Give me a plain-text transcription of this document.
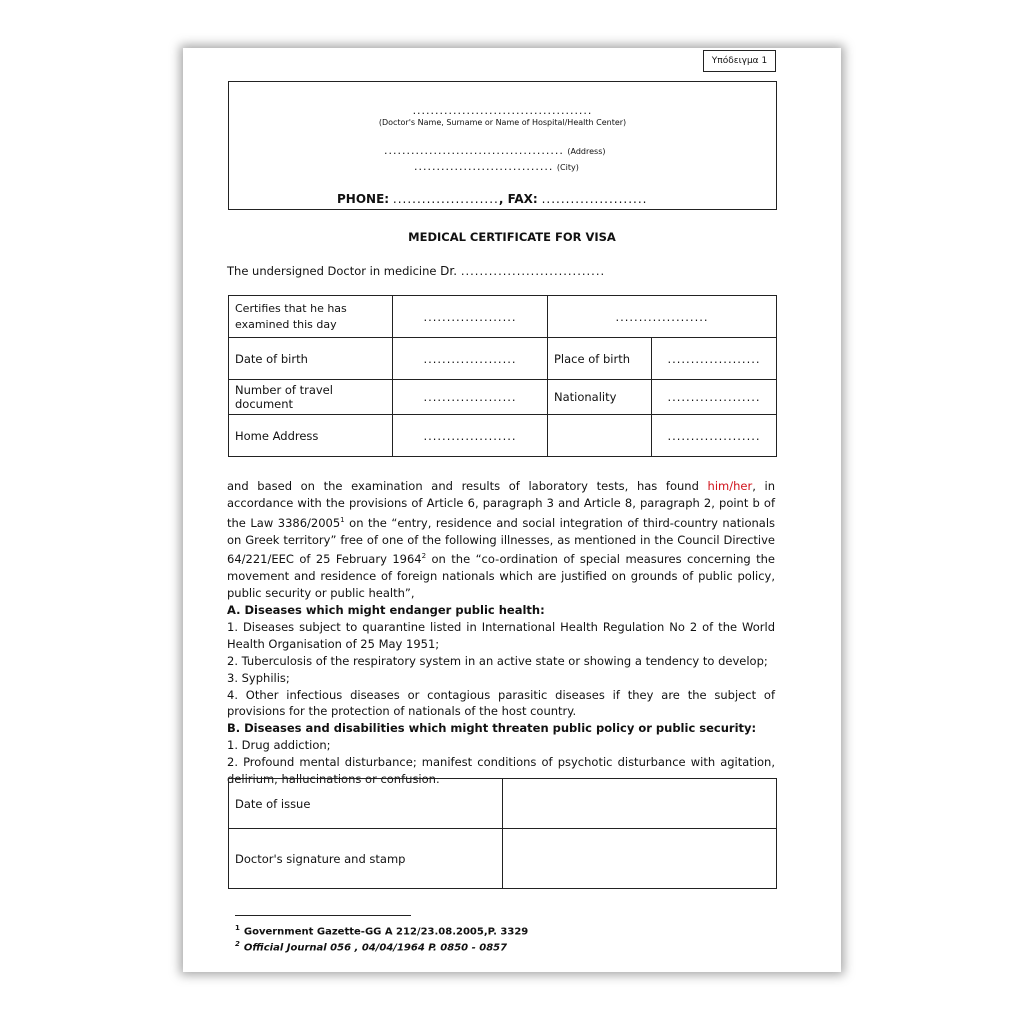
Υπόδειγμα 1
........................................
(Doctor's Name, Surname or Name of Hospital/Health Center)
........................................ (Address)
............................... (City)
PHONE: ......................, FAX: ......................
MEDICAL CERTIFICATE FOR VISA
The undersigned Doctor in medicine Dr. ...............................
Certifies that he has examined this day	....................	....................	
Date of birth	....................	Place of birth	....................
Number of travel document	....................	Nationality	....................
Home Address	....................		....................

and based on the examination and results of laboratory tests, has found him/her, in accordance with the provisions of Article 6, paragraph 3 and Article 8, paragraph 2, point b of the Law 3386/2005$^1$ on the “entry, residence and social integration of third-country nationals on Greek territory” free of one of the following illnesses, as mentioned in the Council Directive 64/221/EEC of 25 February 1964$^2$ on the “co-ordination of special measures concerning the movement and residence of foreign nationals which are justified on grounds of public policy, public security or public health”,

A. Diseases which might endanger public health:

1. Diseases subject to quarantine listed in International Health Regulation No 2 of the World Health Organisation of 25 May 1951;

2. Tuberculosis of the respiratory system in an active state or showing a tendency to develop;

3. Syphilis;

4. Other infectious diseases or contagious parasitic diseases if they are the subject of provisions for the protection of nationals of the host country.

B. Diseases and disabilities which might threaten public policy or public security:

1. Drug addiction;

2. Profound mental disturbance; manifest conditions of psychotic disturbance with agitation, delirium, hallucinations or confusion.

Date of issue	
Doctor's signature and stamp	
$^1$ Government Gazette-GG A 212/23.08.2005,P. 3329
$^2$ Official Journal 056 , 04/04/1964 P. 0850 - 0857
